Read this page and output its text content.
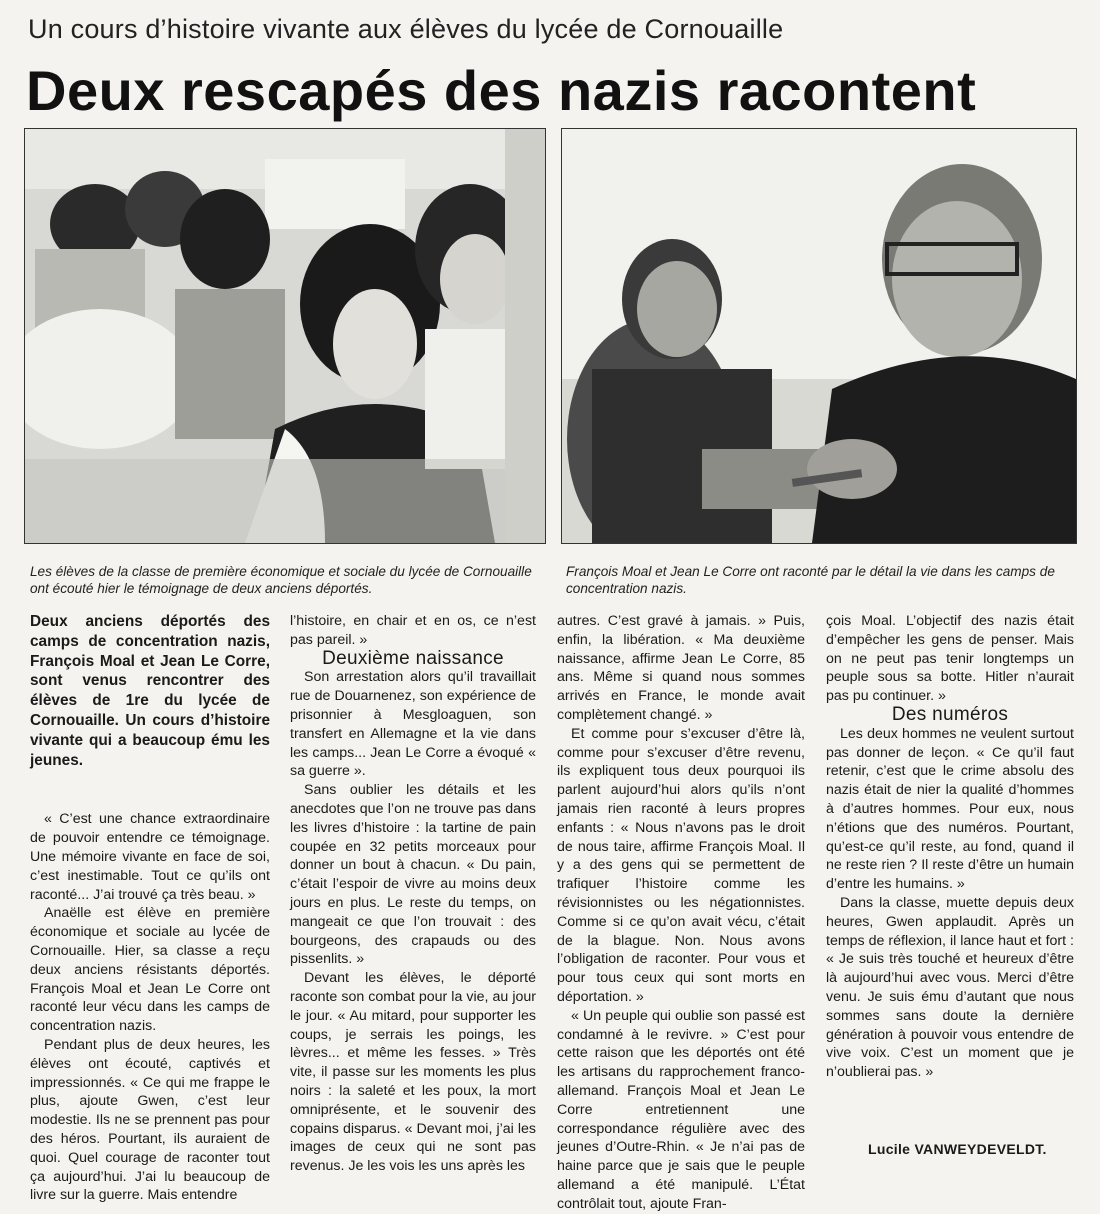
Un cours d’histoire vivante aux élèves du lycée de Cornouaille
Deux rescapés des nazis racontent
Les élèves de la classe de première économique et sociale du lycée de Cornouaille ont écouté hier le témoignage de deux anciens déportés.
François Moal et Jean Le Corre ont raconté par le détail la vie dans les camps de concentration nazis.

Deux anciens déportés des camps de concentration nazis, François Moal et Jean Le Corre, sont venus rencontrer des élèves de 1re du lycée de Cornouaille. Un cours d’histoire vivante qui a beaucoup ému les jeunes.

« C’est une chance extraordinaire de pouvoir entendre ce témoignage. Une mémoire vivante en face de soi, c’est inestimable. Tout ce qu’ils ont raconté... J’ai trouvé ça très beau. »

Anaëlle est élève en première économique et sociale au lycée de Cornouaille. Hier, sa classe a reçu deux anciens résistants déportés. François Moal et Jean Le Corre ont raconté leur vécu dans les camps de concentration nazis.

Pendant plus de deux heures, les élèves ont écouté, captivés et impressionnés. « Ce qui me frappe le plus, ajoute Gwen, c’est leur modestie. Ils ne se prennent pas pour des héros. Pourtant, ils auraient de quoi. Quel courage de raconter tout ça aujourd’hui. J’ai lu beaucoup de livre sur la guerre. Mais entendre

l’histoire, en chair et en os, ce n’est pas pareil. »

Deuxième naissance

Son arrestation alors qu’il travaillait rue de Douarnenez, son expérience de prisonnier à Mesgloaguen, son transfert en Allemagne et la vie dans les camps... Jean Le Corre a évoqué « sa guerre ».

Sans oublier les détails et les anecdotes que l’on ne trouve pas dans les livres d’histoire : la tartine de pain coupée en 32 petits morceaux pour donner un bout à chacun. « Du pain, c’était l’espoir de vivre au moins deux jours en plus. Le reste du temps, on mangeait ce que l’on trouvait : des bourgeons, des crapauds ou des pissenlits. »

Devant les élèves, le déporté raconte son combat pour la vie, au jour le jour. « Au mitard, pour supporter les coups, je serrais les poings, les lèvres... et même les fesses. » Très vite, il passe sur les moments les plus noirs : la saleté et les poux, la mort omniprésente, et le souvenir des copains disparus. « Devant moi, j’ai les images de ceux qui ne sont pas revenus. Je les vois les uns après les

autres. C’est gravé à jamais. » Puis, enfin, la libération. « Ma deuxième naissance, affirme Jean Le Corre, 85 ans. Même si quand nous sommes arrivés en France, le monde avait complètement changé. »

Et comme pour s’excuser d’être là, comme pour s’excuser d’être revenu, ils expliquent tous deux pourquoi ils parlent aujourd’hui alors qu’ils n’ont jamais rien raconté à leurs propres enfants : « Nous n’avons pas le droit de nous taire, affirme François Moal. Il y a des gens qui se permettent de trafiquer l’histoire comme les révisionnistes ou les négationnistes. Comme si ce qu’on avait vécu, c’était de la blague. Non. Nous avons l’obligation de raconter. Pour vous et pour tous ceux qui sont morts en déportation. »

« Un peuple qui oublie son passé est condamné à le revivre. » C’est pour cette raison que les déportés ont été les artisans du rapprochement franco-allemand. François Moal et Jean Le Corre entretiennent une correspondance régulière avec des jeunes d’Outre-Rhin. « Je n’ai pas de haine parce que je sais que le peuple allemand a été manipulé. L’État contrôlait tout, ajoute Fran-

çois Moal. L’objectif des nazis était d’empêcher les gens de penser. Mais on ne peut pas tenir longtemps un peuple sous sa botte. Hitler n’aurait pas pu continuer. »

Des numéros

Les deux hommes ne veulent surtout pas donner de leçon. « Ce qu’il faut retenir, c’est que le crime absolu des nazis était de nier la qualité d’hommes à d’autres hommes. Pour eux, nous n’étions que des numéros. Pourtant, qu’est-ce qu’il reste, au fond, quand il ne reste rien ? Il reste d’être un humain d’entre les humains. »

Dans la classe, muette depuis deux heures, Gwen applaudit. Après un temps de réflexion, il lance haut et fort : « Je suis très touché et heureux d’être là aujourd’hui avec vous. Merci d’être venu. Je suis ému d’autant que nous sommes sans doute la dernière génération à pouvoir vous entendre de vive voix. C’est un moment que je n’oublierai pas. »

Lucile VANWEYDEVELDT.
